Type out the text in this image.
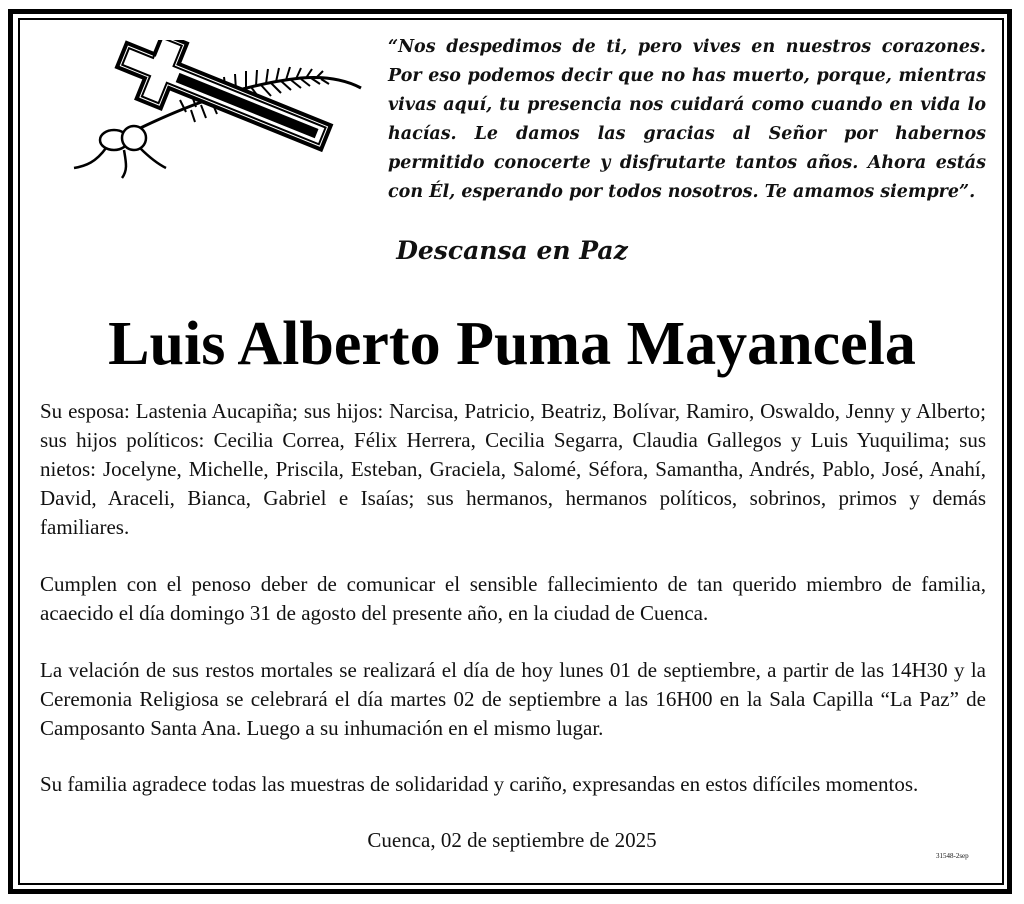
“Nos despedimos de ti, pero vives en nuestros corazones. Por eso podemos decir que no has muerto, porque, mientras vivas aquí, tu presencia nos cuidará como cuando en vida lo hacías. Le damos las gracias al Señor por habernos permitido conocerte y disfrutarte tantos años. Ahora estás con Él, esperando por todos nosotros. Te amamos siempre”.

Descansa en Paz
Luis Alberto Puma Mayancela

Su esposa: Lastenia Aucapiña; sus hijos: Narcisa, Patricio, Beatriz, Bolívar, Ramiro, Oswaldo, Jenny y Alberto; sus hijos políticos: Cecilia Correa, Félix Herrera, Cecilia Segarra, Claudia Gallegos y Luis Yuquilima; sus nietos: Jocelyne, Michelle, Priscila, Esteban, Graciela, Salomé, Séfora, Samantha, Andrés, Pablo, José, Anahí, David, Araceli, Bianca, Gabriel e Isaías; sus hermanos, hermanos políticos, sobrinos, primos y demás familiares.

Cumplen con el penoso deber de comunicar el sensible fallecimiento de tan querido miembro de familia, acaecido el día domingo 31 de agosto del presente año, en la ciudad de Cuenca.

La velación de sus restos mortales se realizará el día de hoy lunes 01 de septiembre, a partir de las 14H30 y la Ceremonia Religiosa se celebrará el día martes 02 de septiembre a las 16H00 en la Sala Capilla “La Paz” de Camposanto Santa Ana. Luego a su inhumación en el mismo lugar.

Su familia agradece todas las muestras de solidaridad y cariño, expresandas en estos difíciles momentos.

Cuenca, 02 de septiembre de 2025
31548-2sep
